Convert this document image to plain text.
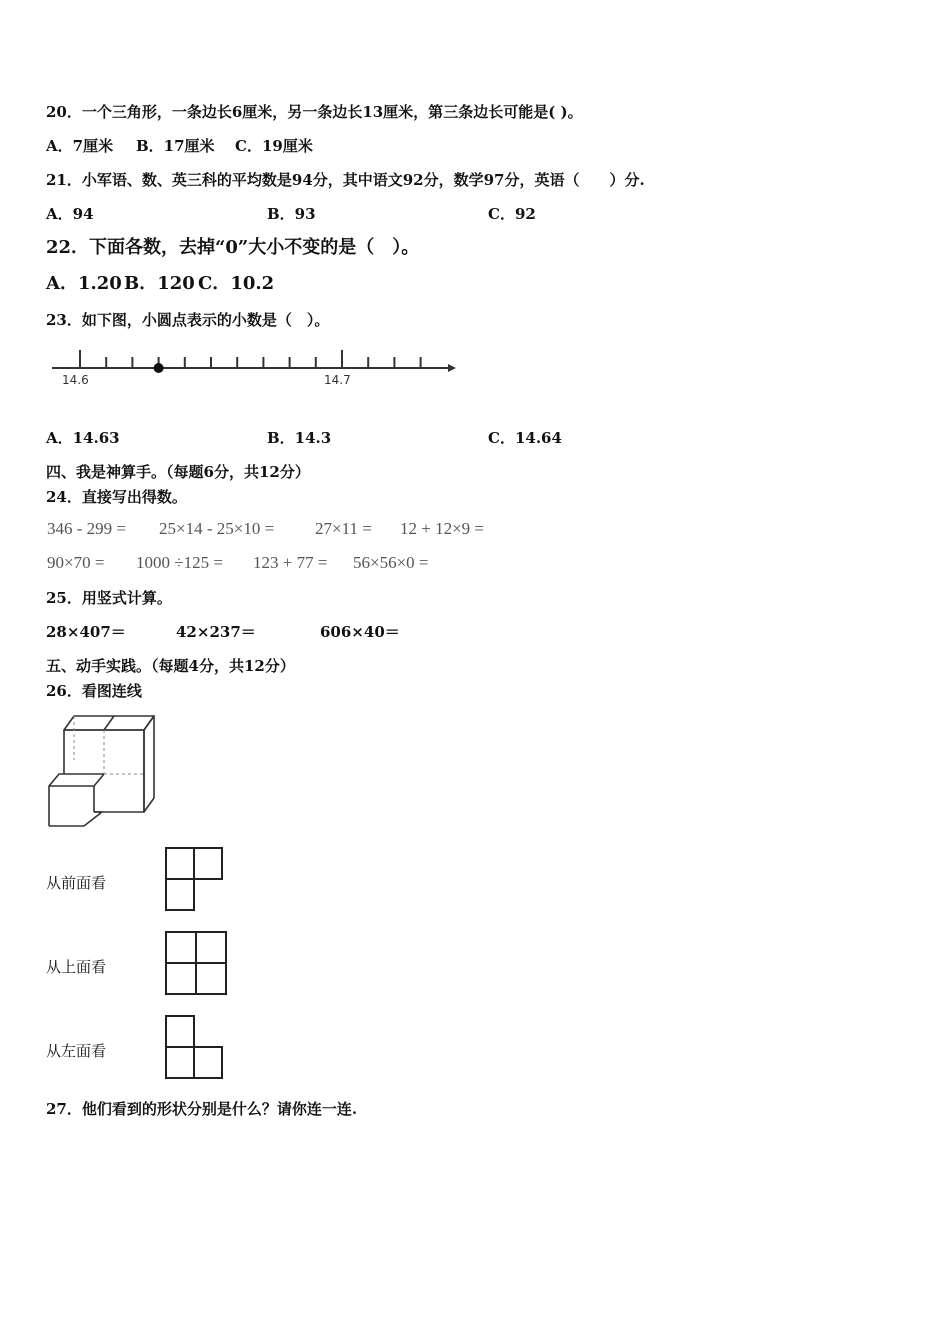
20．一个三角形，一条边长6厘米，另一条边长13厘米，第三条边长可能是( )。
A．7厘米 B．17厘米 C．19厘米
21．小军语、数、英三科的平均数是94分，其中语文92分，数学97分，英语（　　）分.
A．94	B．93	C．92
22．下面各数，去掉“0”大小不变的是（　）。
A．1.20 B．120 C．10.2
23．如下图，小圆点表示的小数是（　）。
14.6	14.7
A．14.63	B．14.3	C．14.64
四、我是神算手。（每题6分，共12分）
24．直接写出得数。
346 - 299 = 25×14 - 25×10 = 27×11 = 12 + 12×9 =
90×70 = 1000 ÷125 = 123 + 77 = 56×56×0 =
25．用竖式计算。
28×407＝	42×237＝	606×40＝
五、动手实践。（每题4分，共12分）
26．看图连线
从前面看
从上面看
从左面看
27．他们看到的形状分别是什么？请你连一连.
